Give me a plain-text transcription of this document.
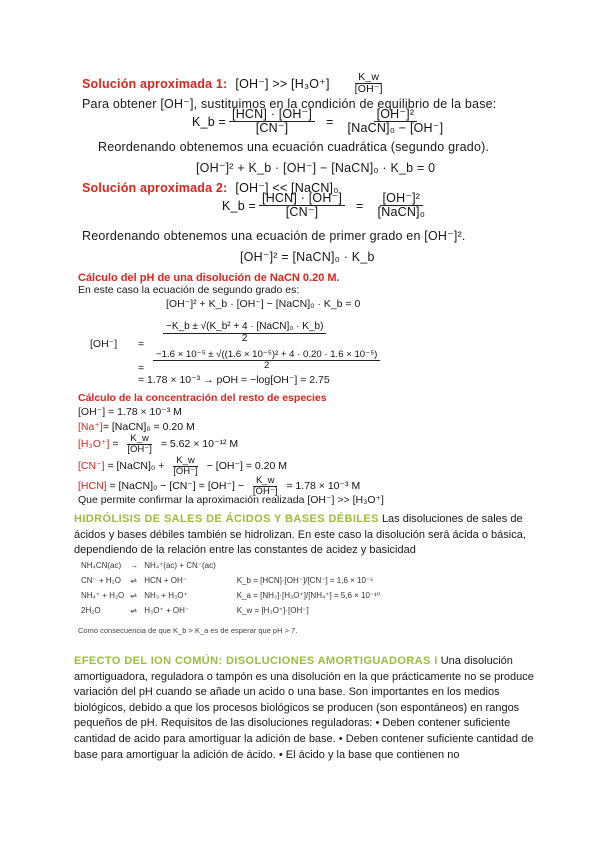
Solución aproximada 1: $[OH^-] >> [H_3O^+] \frac{K\_w}{[OH^-]}$
Para obtener [OH⁻], sustituimos en la condición de equilibrio de la base:
K_b =
[HCN] · [OH⁻]
[CN⁻]	=
[OH⁻]²
[NaCN]₀ − [OH⁻]
Reordenando obtenemos una ecuación cuadrática (segundo grado).
[OH⁻]² + K_b · [OH⁻] − [NaCN]₀ · K_b = 0
Solución aproximada 2: [OH⁻] << [NaCN]₀
K_b =
[HCN] · [OH⁻]
[CN⁻]	=
[OH⁻]²
[NaCN]₀
Reordenando obtenemos una ecuación de primer grado en [OH⁻]².
[OH⁻]² = [NaCN]₀ · K_b
Cálculo del pH de una disolución de NaCN 0.20 M.
En este caso la ecuación de segundo grado es:
[OH⁻]² + K_b · [OH⁻] − [NaCN]₀ · K_b = 0
[OH⁻] =
−K_b ± √(K_b² + 4 · [NaCN]₀ · K_b)
2
= $\frac{\text{−1.6 × 10⁻⁵ ± √((1.6 × 10⁻⁵)² + 4 · 0.20 · 1.6 × 10⁻⁵)}}{2}$
= 1.78 × 10⁻³ → pOH = −log[OH⁻] = 2.75
Cálculo de la concentración del resto de especies
[OH⁻] = 1.78 × 10⁻³ M
[Na⁺] = [NaCN]₀ = 0.20 M
$[H_3O^+] = \frac{K\_w}{[OH^-]} = 5.62 \times 10^{-12}$ M
[CN⁻] = [NaCN]₀ + $\frac{K\_w}{[OH^-]} - [OH^-] = 0.20$ M
[HCN] = [NaCN]₀ − $[CN^-] = [OH^-] - \frac{K\_w}{[OH^-]} = 1.78 \times 10^{-3}$ M
Que permite confirmar la aproximación realizada [OH⁻] >> [H₃O⁺]
HIDRÓLISIS DE SALES DE ÁCIDOS Y BASES DÉBILES Las disoluciones de sales de ácidos y bases débiles también se hidrolizan. En este caso la disolución será ácida o básica, dependiendo de la relación entre las constantes de acidez y basicidad
NH₄CN(ac)	→	NH₄⁺(ac) + CN⁻(ac)	
CN⁻ + H₂O	⇌	HCN + OH⁻	K_b = [HCN]·[OH⁻]/[CN⁻] = 1,6 × 10⁻⁵
NH₄⁺ + H₂O	⇌	NH₃ + H₃O⁺	K_a = [NH₃]·[H₃O⁺]/[NH₄⁺] = 5,6 × 10⁻¹⁰
2H₂O	⇌	H₃O⁺ + OH⁻	K_w = [H₃O⁺]·[OH⁻]
Como consecuencia de que K_b > K_a es de esperar que pH > 7.
EFECTO DEL ION COMÚN: DISOLUCIONES AMORTIGUADORAS I Una disolución amortiguadora, reguladora o tampón es una disolución en la que prácticamente no se produce variación del pH cuando se añade un acido o una base. Son importantes en los medios biológicos, debido a que los procesos biológicos se producen (son espontáneos) en rangos pequeños de pH. Requisitos de las disoluciones reguladoras: • Deben contener suficiente cantidad de acido para amortiguar la adición de base. • Deben contener suficiente cantidad de base para amortiguar la adición de ácido. • El ácido y la base que contienen no
